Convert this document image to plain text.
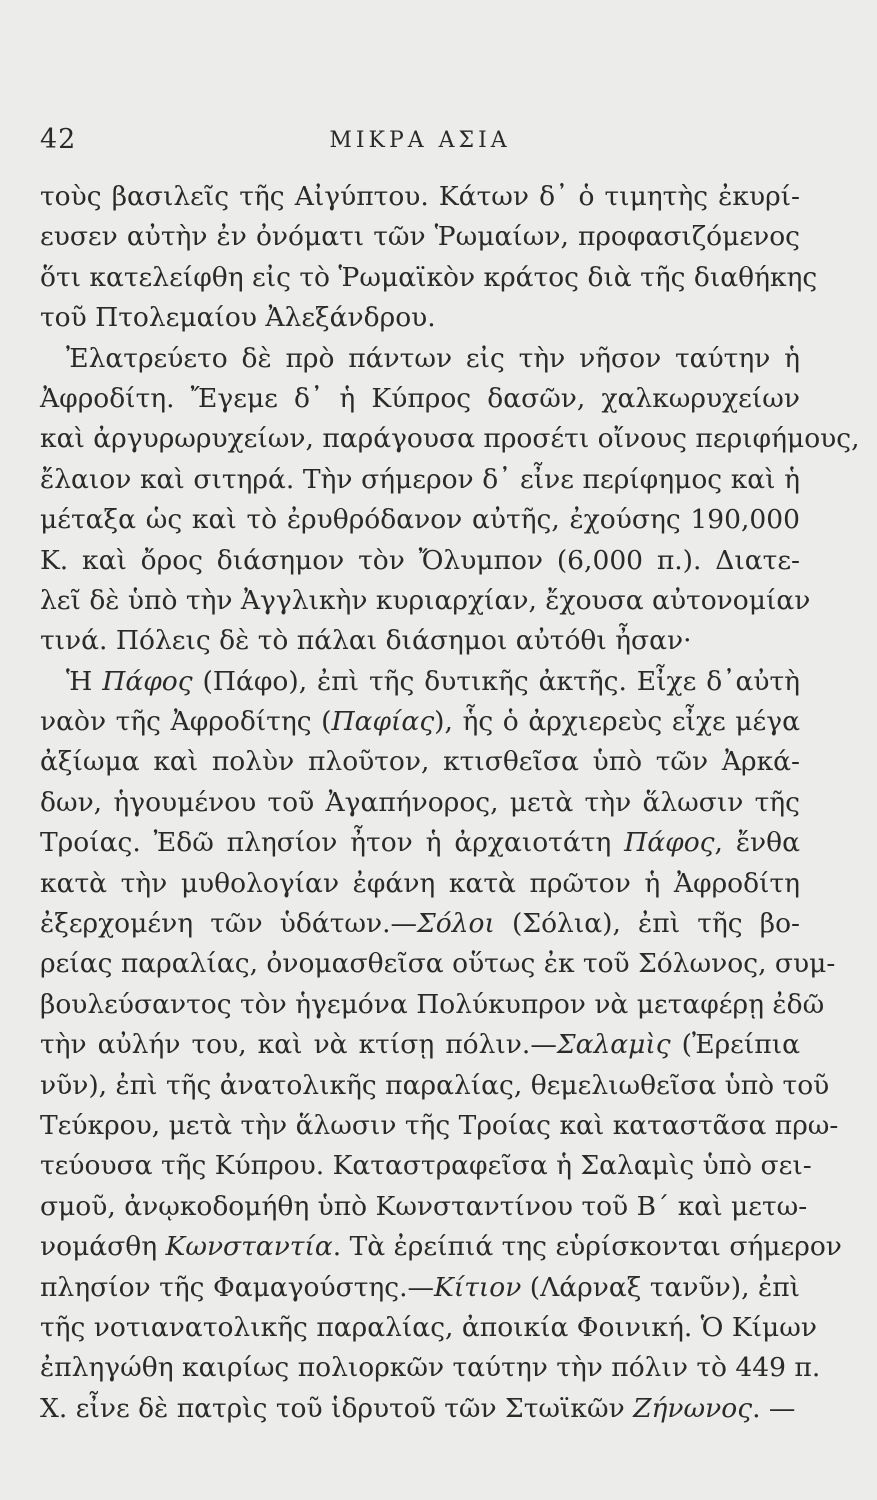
42	ΜΙΚΡΑ ΑΣΙΑ
τοὺς βασιλεῖς τῆς Αἰγύπτου. Κάτων δ᾽ ὁ τιμητὴς ἐκυρί-
ευσεν αὐτὴν ἐν ὀνόματι τῶν Ῥωμαίων, προφασιζόμενος
ὅτι κατελείφθη εἰς τὸ Ῥωμαϊκὸν κράτος διὰ τῆς διαθήκης
τοῦ Πτολεμαίου Ἀλεξάνδρου.
Ἐλατρεύετο δὲ πρὸ πάντων εἰς τὴν νῆσον ταύτην ἡ
Ἀφροδίτη. Ἔγεμε δ᾽ ἡ Κύπρος δασῶν, χαλκωρυχείων
καὶ ἀργυρωρυχείων, παράγουσα προσέτι οἴνους περιφήμους,
ἔλαιον καὶ σιτηρά. Τὴν σήμερον δ᾽ εἶνε περίφημος καὶ ἡ
μέταξα ὡς καὶ τὸ ἐρυθρόδανον αὐτῆς, ἐχούσης 190,000
Κ. καὶ ὄρος διάσημον τὸν Ὄλυμπον (6,000 π.). Διατε-
λεῖ δὲ ὑπὸ τὴν Ἀγγλικὴν κυριαρχίαν, ἔχουσα αὐτονομίαν
τινά. Πόλεις δὲ τὸ πάλαι διάσημοι αὐτόθι ἦσαν·
Ἡ Πάφος (Πάφο), ἐπὶ τῆς δυτικῆς ἀκτῆς. Εἶχε δ᾽αὐτὴ
ναὸν τῆς Ἀφροδίτης (Παφίας), ἧς ὁ ἀρχιερεὺς εἶχε μέγα
ἀξίωμα καὶ πολὺν πλοῦτον, κτισθεῖσα ὑπὸ τῶν Ἀρκά-
δων, ἡγουμένου τοῦ Ἀγαπήνορος, μετὰ τὴν ἅλωσιν τῆς
Τροίας. Ἐδῶ πλησίον ἦτον ἡ ἀρχαιοτάτη Πάφος, ἔνθα
κατὰ τὴν μυθολογίαν ἐφάνη κατὰ πρῶτον ἡ Ἀφροδίτη
ἐξερχομένη τῶν ὑδάτων.—Σόλοι (Σόλια), ἐπὶ τῆς βο-
ρείας παραλίας, ὀνομασθεῖσα οὕτως ἐκ τοῦ Σόλωνος, συμ-
βουλεύσαντος τὸν ἡγεμόνα Πολύκυπρον νὰ μεταφέρῃ ἐδῶ
τὴν αὐλήν του, καὶ νὰ κτίσῃ πόλιν.—Σαλαμὶς (Ἐρείπια
νῦν), ἐπὶ τῆς ἀνατολικῆς παραλίας, θεμελιωθεῖσα ὑπὸ τοῦ
Τεύκρου, μετὰ τὴν ἅλωσιν τῆς Τροίας καὶ καταστᾶσα πρω-
τεύουσα τῆς Κύπρου. Καταστραφεῖσα ἡ Σαλαμὶς ὑπὸ σει-
σμοῦ, ἀνῳκοδομήθη ὑπὸ Κωνσταντίνου τοῦ Β΄ καὶ μετω-
νομάσθη Κωνσταντία. Τὰ ἐρείπιά της εὑρίσκονται σήμερον
πλησίον τῆς Φαμαγούστης.—Κίτιον (Λάρναξ τανῦν), ἐπὶ
τῆς νοτιανατολικῆς παραλίας, ἀποικία Φοινική. Ὁ Κίμων
ἐπληγώθη καιρίως πολιορκῶν ταύτην τὴν πόλιν τὸ 449 π.
Χ. εἶνε δὲ πατρὶς τοῦ ἱδρυτοῦ τῶν Στωϊκῶν Ζήνωνος. —
